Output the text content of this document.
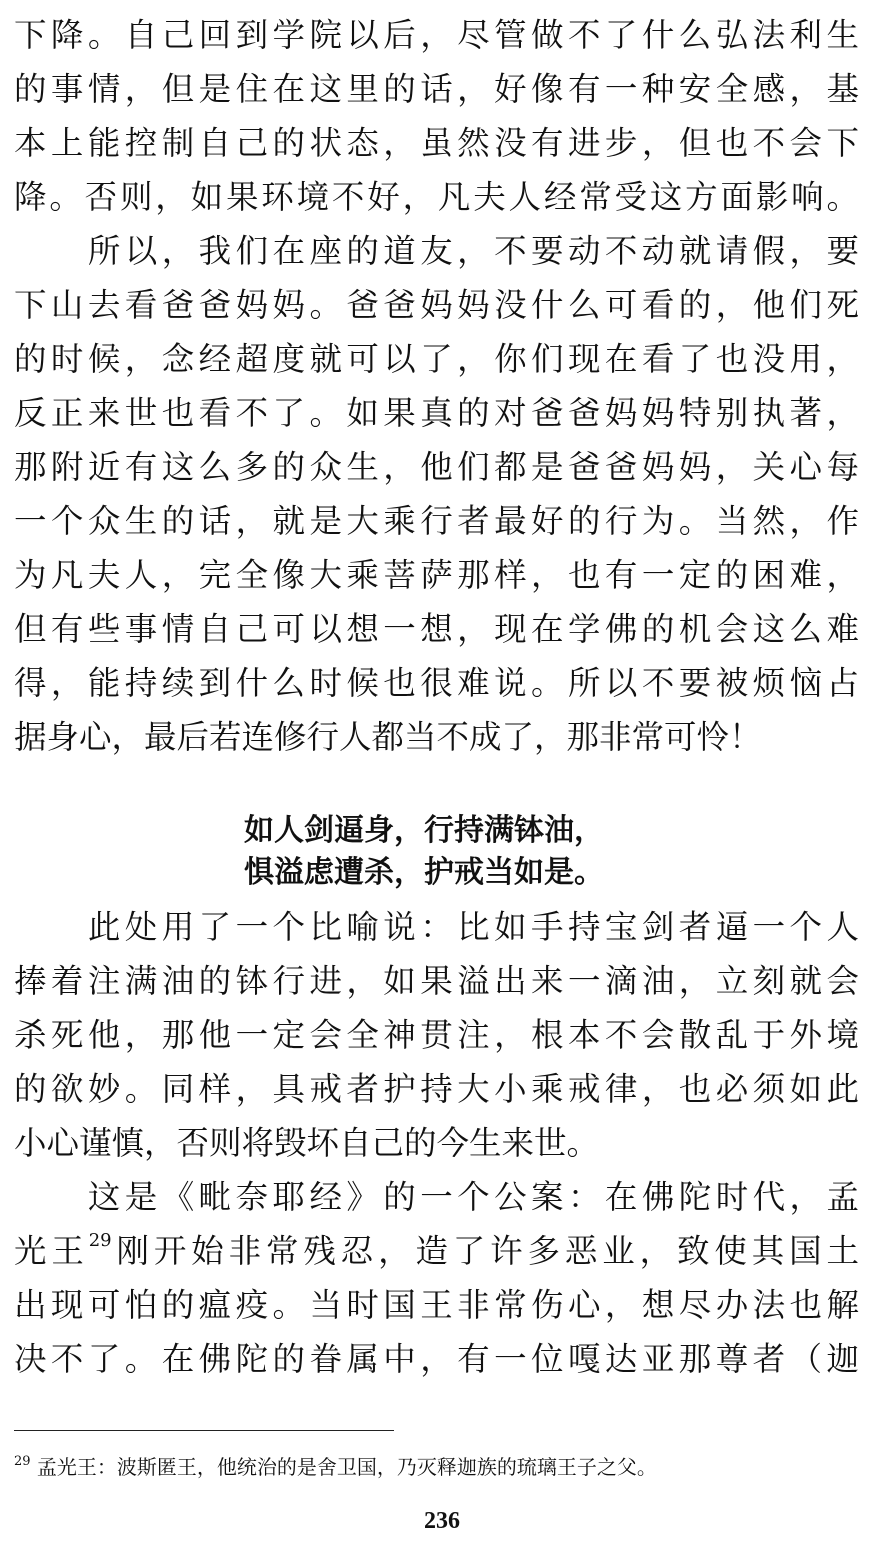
下降。自己回到学院以后，尽管做不了什么弘法利生
的事情，但是住在这里的话，好像有一种安全感，基
本上能控制自己的状态，虽然没有进步，但也不会下
降。否则，如果环境不好，凡夫人经常受这方面影响。
　　所以，我们在座的道友，不要动不动就请假，要
下山去看爸爸妈妈。爸爸妈妈没什么可看的，他们死
的时候，念经超度就可以了，你们现在看了也没用，
反正来世也看不了。如果真的对爸爸妈妈特别执著，
那附近有这么多的众生，他们都是爸爸妈妈，关心每
一个众生的话，就是大乘行者最好的行为。当然，作
为凡夫人，完全像大乘菩萨那样，也有一定的困难，
但有些事情自己可以想一想，现在学佛的机会这么难
得，能持续到什么时候也很难说。所以不要被烦恼占
据身心，最后若连修行人都当不成了，那非常可怜！
如人剑逼身，行持满钵油，
惧溢虑遭杀，护戒当如是。
　　此处用了一个比喻说：比如手持宝剑者逼一个人
捧着注满油的钵行进，如果溢出来一滴油，立刻就会
杀死他，那他一定会全神贯注，根本不会散乱于外境
的欲妙。同样，具戒者护持大小乘戒律，也必须如此
小心谨慎，否则将毁坏自己的今生来世。
　　这是《毗奈耶经》的一个公案：在佛陀时代，孟
光王$^{29}$刚开始非常残忍，造了许多恶业，致使其国土
出现可怕的瘟疫。当时国王非常伤心，想尽办法也解
决不了。在佛陀的眷属中，有一位嘎达亚那尊者（迦
$^{29}$ 孟光王：波斯匿王，他统治的是舍卫国，乃灭释迦族的琉璃王子之父。
236
